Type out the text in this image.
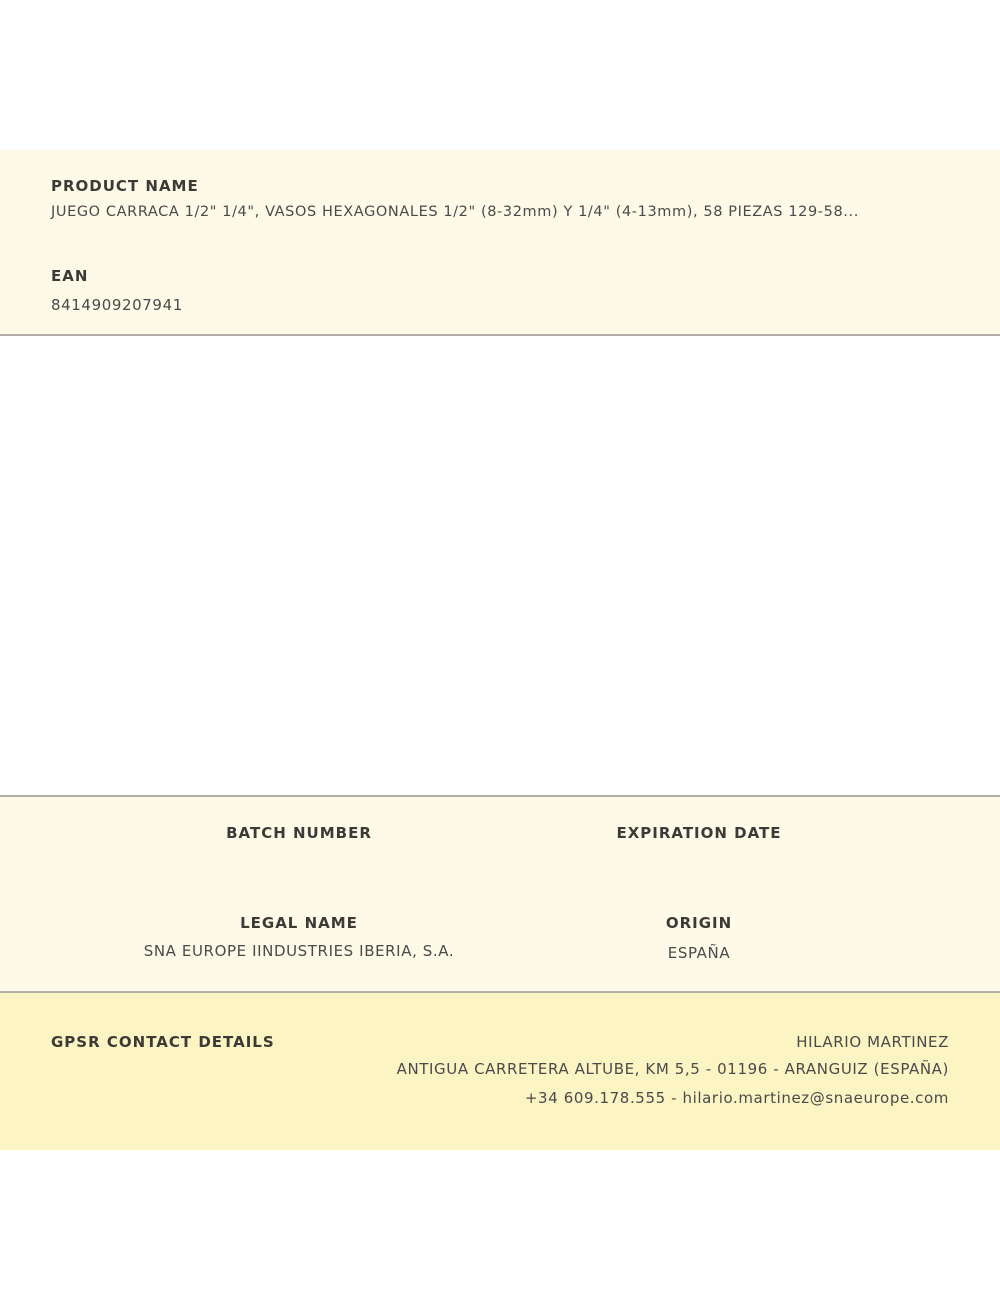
PRODUCT NAME
JUEGO CARRACA 1/2" 1/4", VASOS HEXAGONALES 1/2" (8-32mm) Y 1/4" (4-13mm), 58 PIEZAS 129-58...
EAN
8414909207941
BATCH NUMBER	EXPIRATION DATE
LEGAL NAME
SNA EUROPE IINDUSTRIES IBERIA, S.A.
ORIGIN
ESPAÑA
GPSR CONTACT DETAILS	HILARIO MARTINEZ
ANTIGUA CARRETERA ALTUBE, KM 5,5 - 01196 - ARANGUIZ (ESPAÑA)
+34 609.178.555 - hilario.martinez@snaeurope.com
